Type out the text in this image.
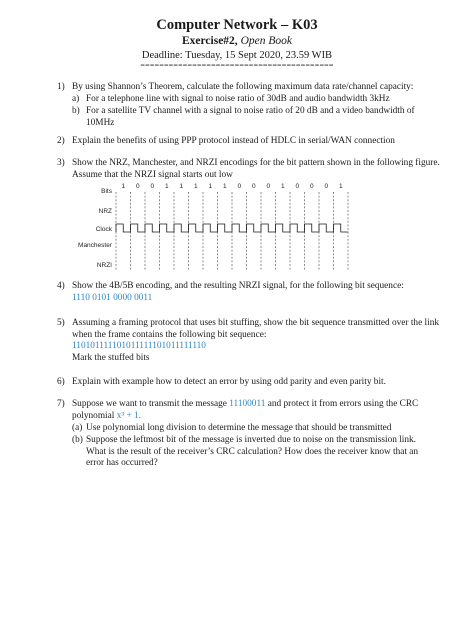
Computer Network – K03
Exercise#2, Open Book
Deadline: Tuesday, 15 Sept 2020, 23.59 WIB
=========================================
1) By using Shannon’s Theorem, calculate the following maximum data rate/channel capacity:
a) For a telephone line with signal to noise ratio of 30dB and audio bandwidth 3kHz
b) For a satellite TV channel with a signal to noise ratio of 20 dB and a video bandwidth of 10MHz
2) Explain the benefits of using PPP protocol instead of HDLC in serial/WAN connection
3) Show the NRZ, Manchester, and NRZI encodings for the bit pattern shown in the following figure. Assume that the NRZI signal starts out low
Bits
NRZ
Clock
Manchester
NRZI
1 0 0 1 1 1 1 1 0 0 0 1 0 0 0 1
4) Show the 4B/5B encoding, and the resulting NRZI signal, for the following bit sequence:
1110 0101 0000 0011
5) Assuming a framing protocol that uses bit stuffing, show the bit sequence transmitted over the link when the frame contains the following bit sequence:
110101111101011111101011111110
Mark the stuffed bits
6) Explain with example how to detect an error by using odd parity and even parity bit.
7) Suppose we want to transmit the message 11100011 and protect it from errors using the CRC
polynomial x³ + 1.
(a) Use polynomial long division to determine the message that should be transmitted
(b) Suppose the leftmost bit of the message is inverted due to noise on the transmission link. What is the result of the receiver’s CRC calculation? How does the receiver know that an error has occurred?
